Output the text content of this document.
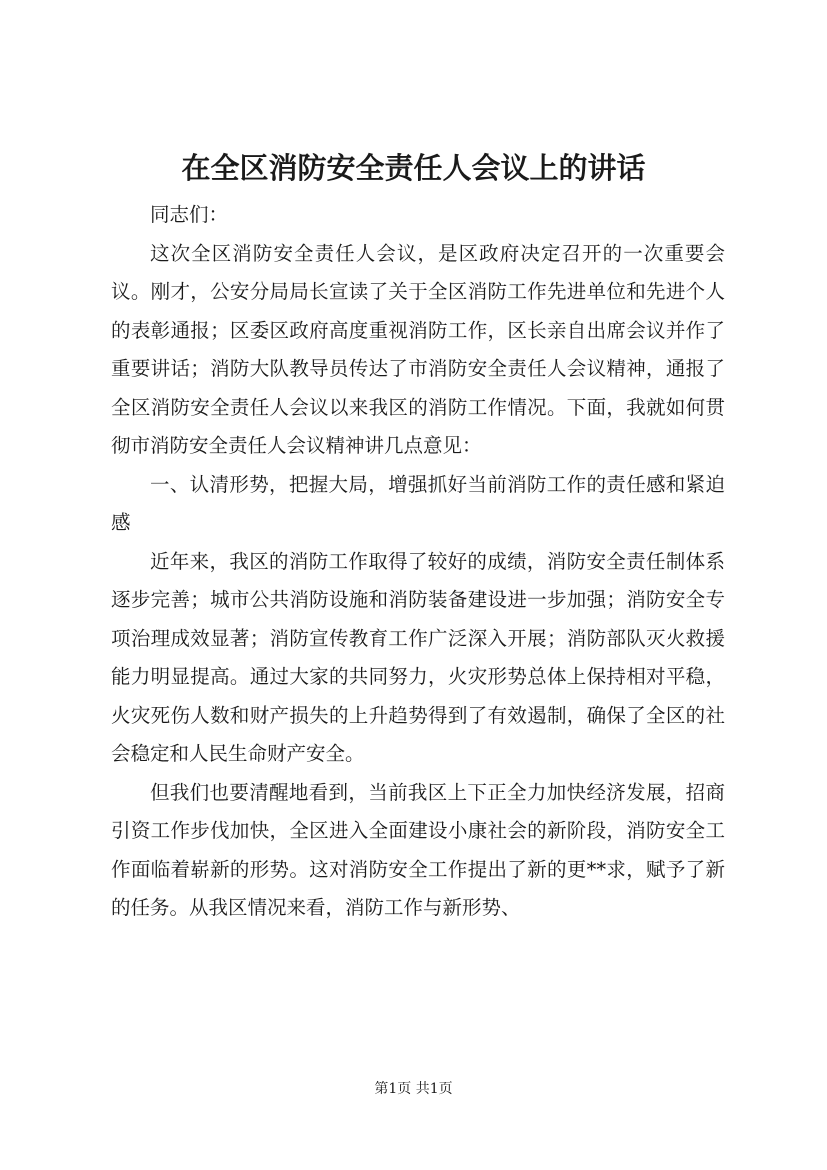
在全区消防安全责任人会议上的讲话

同志们：

这次全区消防安全责任人会议，是区政府决定召开的一次重要会议。刚才，公安分局局长宣读了关于全区消防工作先进单位和先进个人的表彰通报；区委区政府高度重视消防工作，区长亲自出席会议并作了重要讲话；消防大队教导员传达了市消防安全责任人会议精神，通报了全区消防安全责任人会议以来我区的消防工作情况。下面，我就如何贯彻市消防安全责任人会议精神讲几点意见：

一、认清形势，把握大局，增强抓好当前消防工作的责任感和紧迫感

近年来，我区的消防工作取得了较好的成绩，消防安全责任制体系逐步完善；城市公共消防设施和消防装备建设进一步加强；消防安全专项治理成效显著；消防宣传教育工作广泛深入开展；消防部队灭火救援能力明显提高。通过大家的共同努力，火灾形势总体上保持相对平稳，火灾死伤人数和财产损失的上升趋势得到了有效遏制，确保了全区的社会稳定和人民生命财产安全。

但我们也要清醒地看到，当前我区上下正全力加快经济发展，招商引资工作步伐加快，全区进入全面建设小康社会的新阶段，消防安全工作面临着崭新的形势。这对消防安全工作提出了新的更**求，赋予了新的任务。从我区情况来看，消防工作与新形势、

第1页 共1页
